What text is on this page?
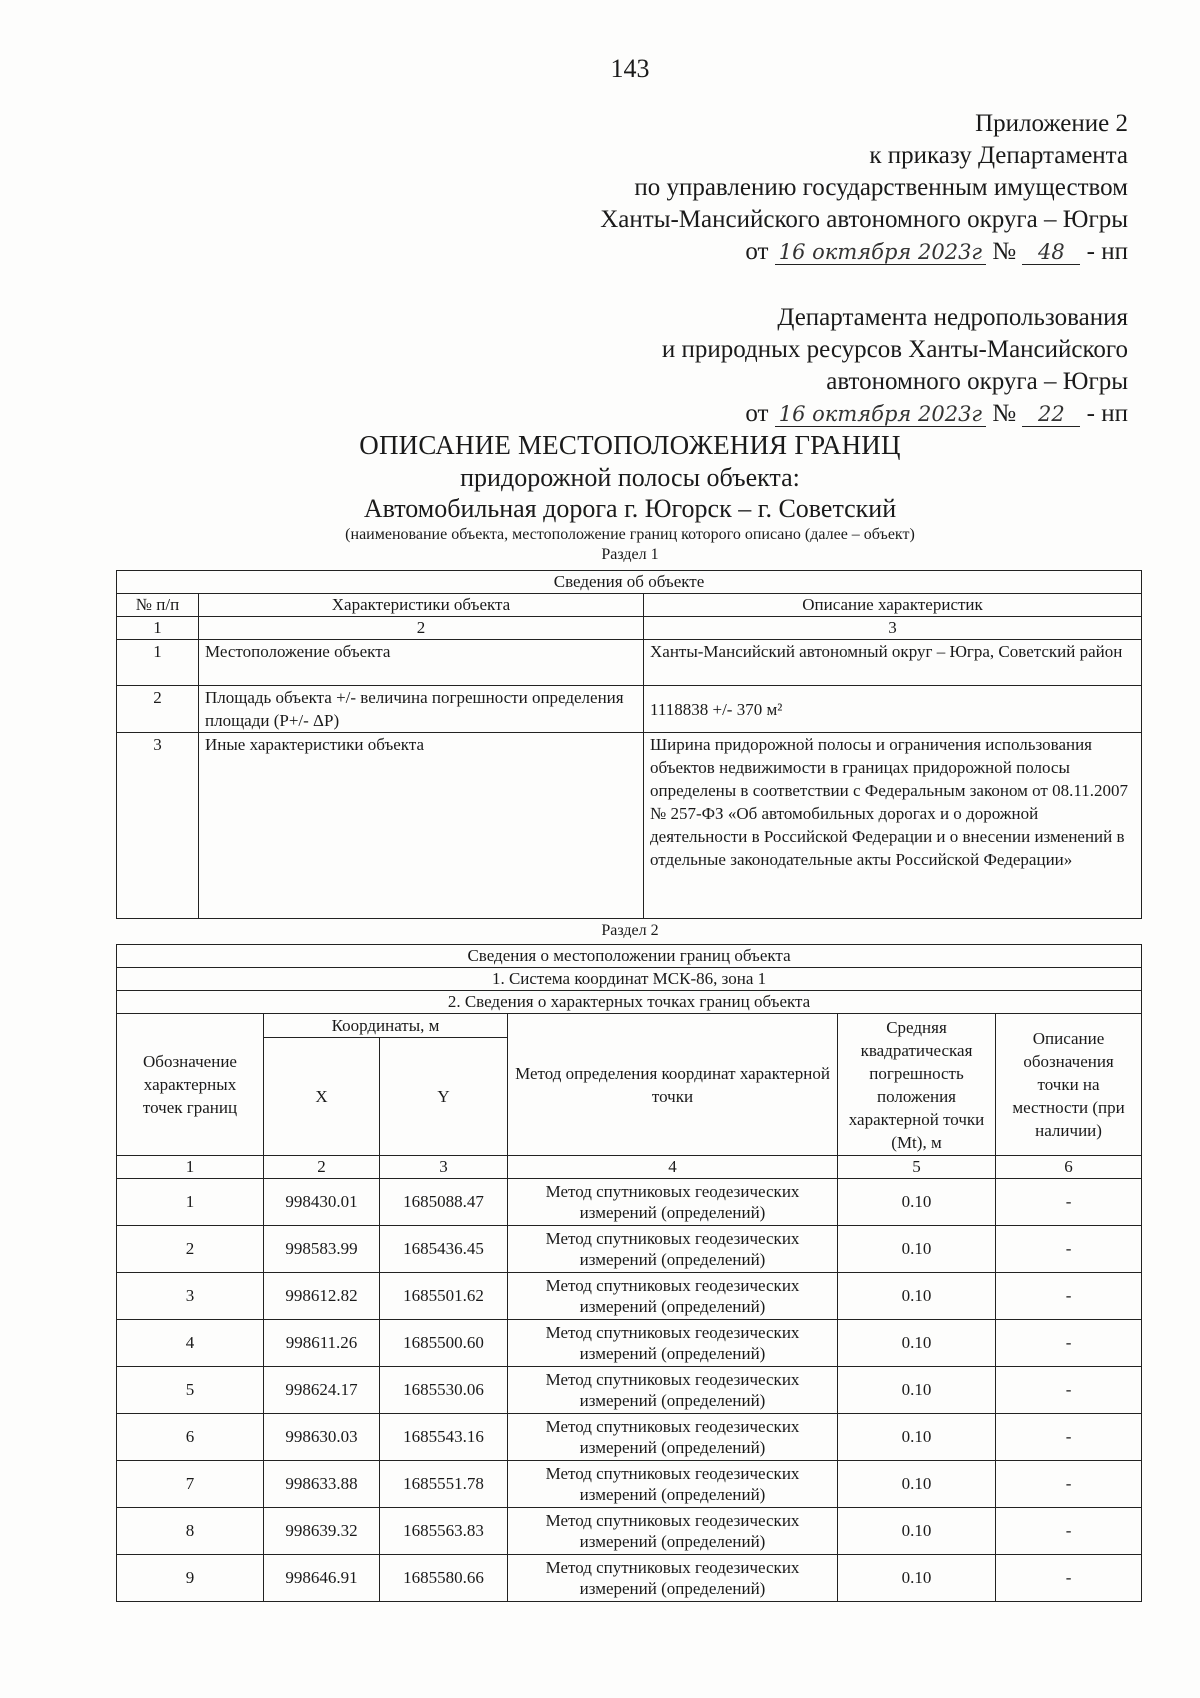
143
Приложение 2
к приказу Департамента
по управлению государственным имуществом
Ханты-Мансийского автономного округа – Югры
от 16 октября 2023г № 48 - нп
Департамента недропользования
и природных ресурсов Ханты-Мансийского
автономного округа – Югры
от 16 октября 2023г № 22 - нп
ОПИСАНИЕ МЕСТОПОЛОЖЕНИЯ ГРАНИЦ
придорожной полосы объекта:
Автомобильная дорога г. Югорск – г. Советский
(наименование объекта, местоположение границ которого описано (далее – объект)
Раздел 1
Сведения об объекте		
№ п/п	Характеристики объекта	Описание характеристик
1	2	3
1	Местоположение объекта	Ханты-Мансийский автономный округ – Югра, Советский район
2	Площадь объекта +/- величина погрешности определения площади (P+/- ΔP)	1118838 +/- 370 м²
3	Иные характеристики объекта	Ширина придорожной полосы и ограничения использования объектов недвижимости в границах придорожной полосы определены в соответствии с Федеральным законом от 08.11.2007 № 257-ФЗ «Об автомобильных дорогах и о дорожной деятельности в Российской Федерации и о внесении изменений в отдельные законодательные акты Российской Федерации»
Раздел 2
Сведения о местоположении границ объекта					
1. Система координат МСК-86, зона 1					
2. Сведения о характерных точках границ объекта					
Обозначение характерных точек границ	Координаты, м		Метод определения координат характерной точки	Средняя квадратическая погрешность положения характерной точки (Mt), м	Описание обозначения точки на местности (при наличии)
	X	Y			
1	2	3	4	5	6
1	998430.01	1685088.47	Метод спутниковых геодезических измерений (определений)	0.10	-
2	998583.99	1685436.45	Метод спутниковых геодезических измерений (определений)	0.10	-
3	998612.82	1685501.62	Метод спутниковых геодезических измерений (определений)	0.10	-
4	998611.26	1685500.60	Метод спутниковых геодезических измерений (определений)	0.10	-
5	998624.17	1685530.06	Метод спутниковых геодезических измерений (определений)	0.10	-
6	998630.03	1685543.16	Метод спутниковых геодезических измерений (определений)	0.10	-
7	998633.88	1685551.78	Метод спутниковых геодезических измерений (определений)	0.10	-
8	998639.32	1685563.83	Метод спутниковых геодезических измерений (определений)	0.10	-
9	998646.91	1685580.66	Метод спутниковых геодезических измерений (определений)	0.10	-
